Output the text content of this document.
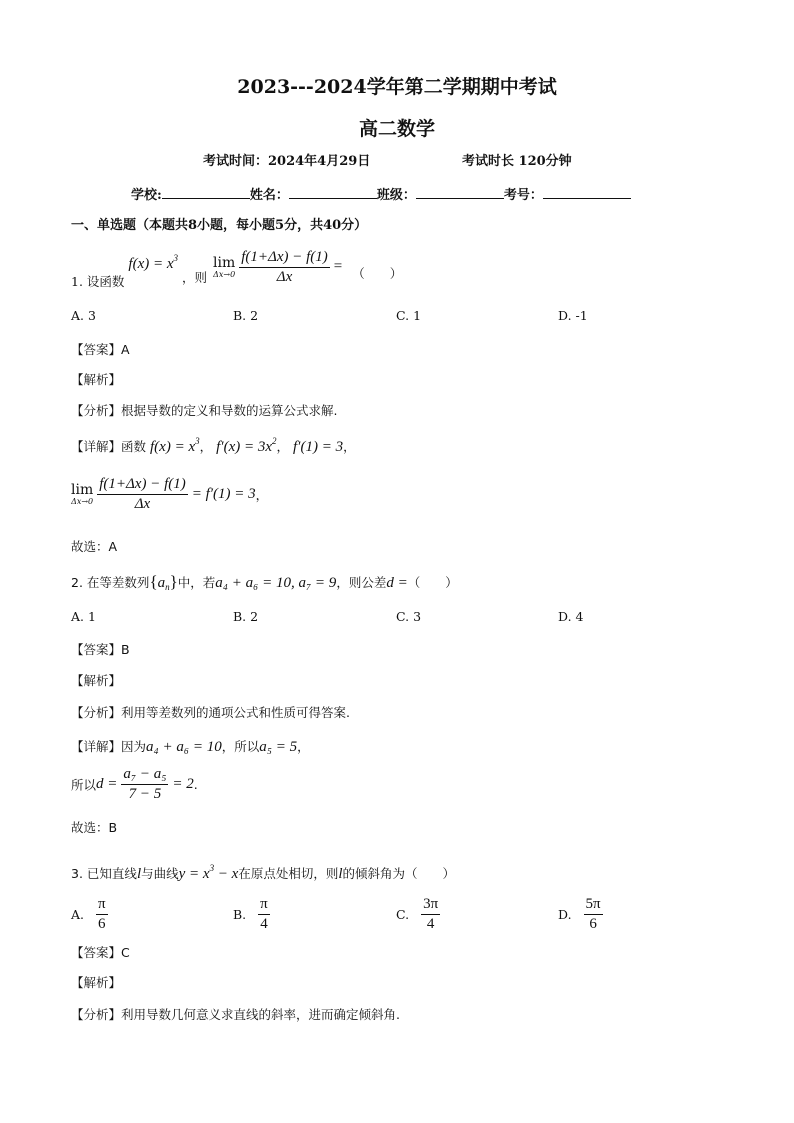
2023---2024学年第二学期期中考试
高二数学
考试时间：2024年4月29日	考试时长 120分钟
学校:	姓名：	班级：	考号：
一、单选题（本题共8小题，每小题5分，共40分）
1. 设函数 $f(x) = x^3$ ，则
lim
Δx→0
$\frac{f(1+\Delta x) - f(1)}{\Delta x}$ = （　　）
A. 3	B. 2	C. 1	D. -1
【答案】A
【解析】
【分析】根据导数的定义和导数的运算公式求解.
【详解】函数 $f(x) = x^3$， $f'(x) = 3x^2$， f′(1) = 3，
lim
Δx→0
$\frac{f(1+\Delta x) - f(1)}{\Delta x} = f'(1) = 3$，
故选：A
2. 在等差数列$\{a_n\}$中，若a₄ + a₆ = 10, a₇ = 9，则公差d =（　　）
A. 1	B. 2	C. 3	D. 4
【答案】B
【解析】
【分析】利用等差数列的通项公式和性质可得答案.
【详解】因为a₄ + a₆ = 10，所以a₅ = 5，
所以$d = \frac{\text{a₇ − a₅}}{7 - 5} = 2$.
故选：B
3. 已知直线l与曲线$y = x^3 - x$在原点处相切，则l的倾斜角为（　　）
A. $\frac{\pi}{6}$	B. $\frac{\pi}{4}$	C. $\frac{3\pi}{4}$	D. $\frac{5\pi}{6}$
【答案】C
【解析】
【分析】利用导数几何意义求直线的斜率，进而确定倾斜角.
